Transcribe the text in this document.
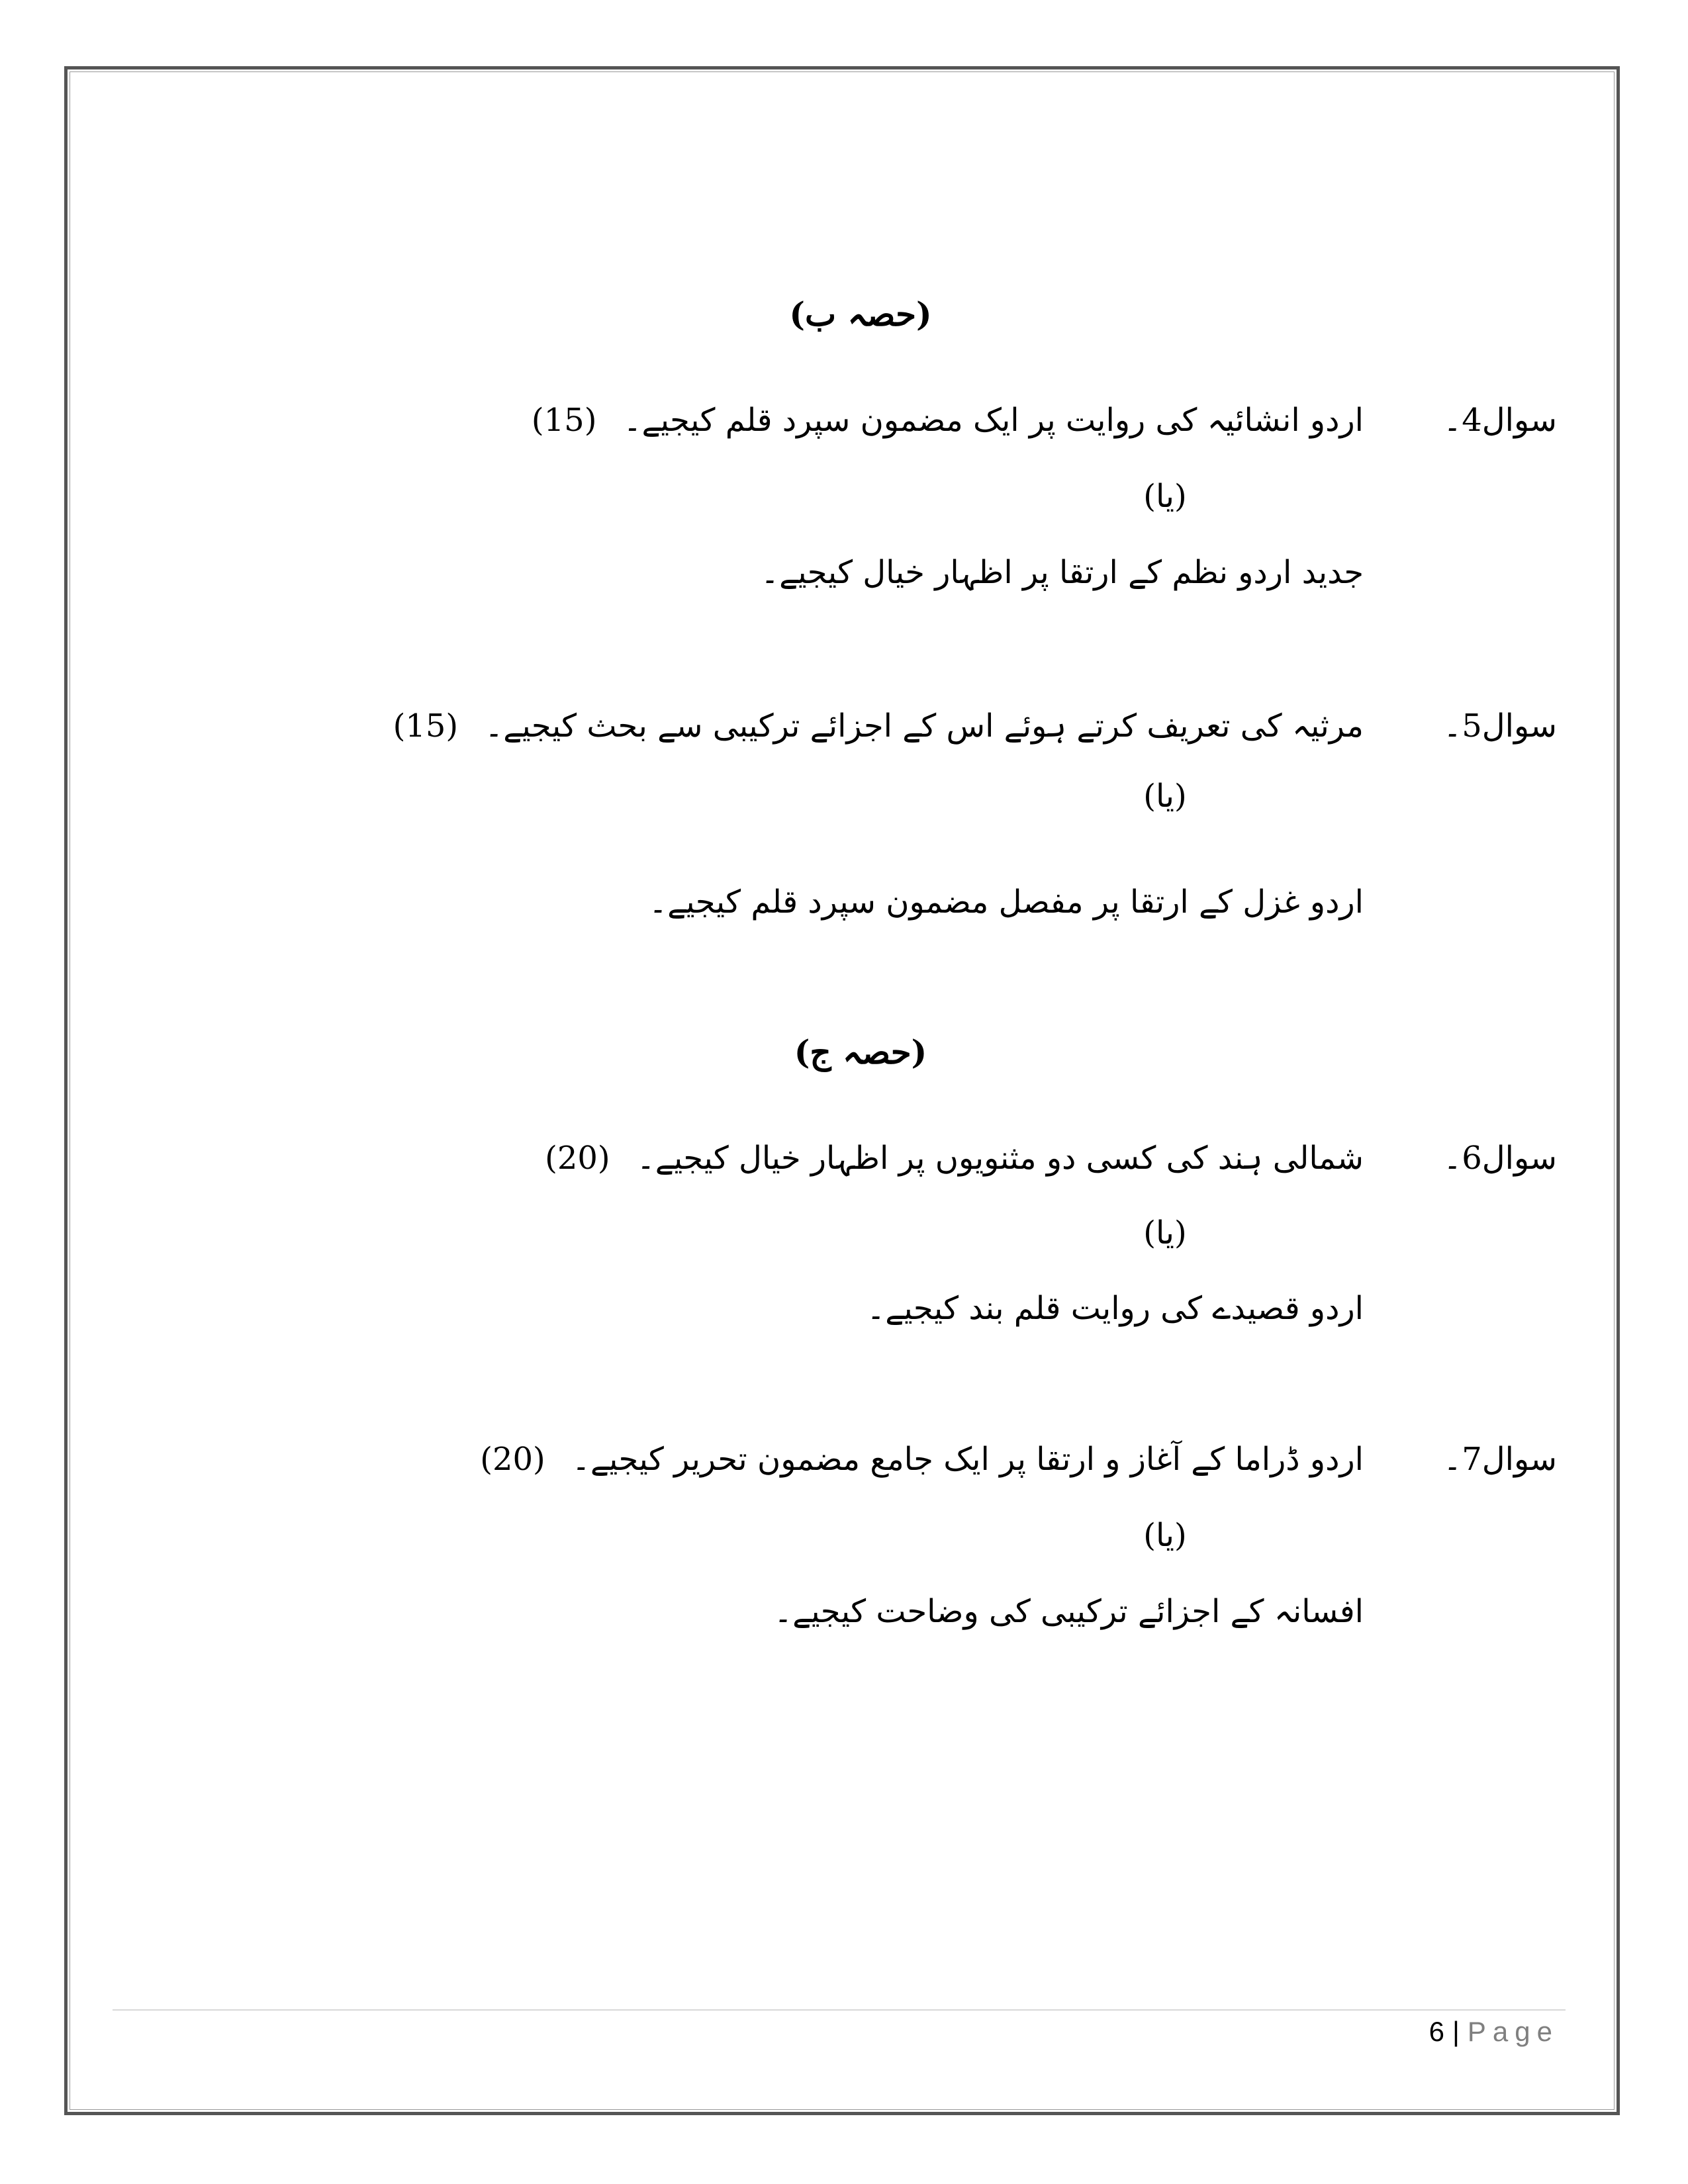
(حصہ ب)
سوال4۔
اردو انشائیہ کی روایت پر ایک مضمون سپرد قلم کیجیے۔(15)
(یا)
جدید اردو نظم کے ارتقا پر اظہار خیال کیجیے۔
سوال5۔
مرثیہ کی تعریف کرتے ہوئے اس کے اجزائے ترکیبی سے بحث کیجیے۔(15)
(یا)
اردو غزل کے ارتقا پر مفصل مضمون سپرد قلم کیجیے۔
(حصہ ج)
سوال6۔
شمالی ہند کی کسی دو مثنویوں پر اظہار خیال کیجیے۔(20)
(یا)
اردو قصیدے کی روایت قلم بند کیجیے۔
سوال7۔
اردو ڈراما کے آغاز و ارتقا پر ایک جامع مضمون تحریر کیجیے۔(20)
(یا)
افسانہ کے اجزائے ترکیبی کی وضاحت کیجیے۔
6 | Page
